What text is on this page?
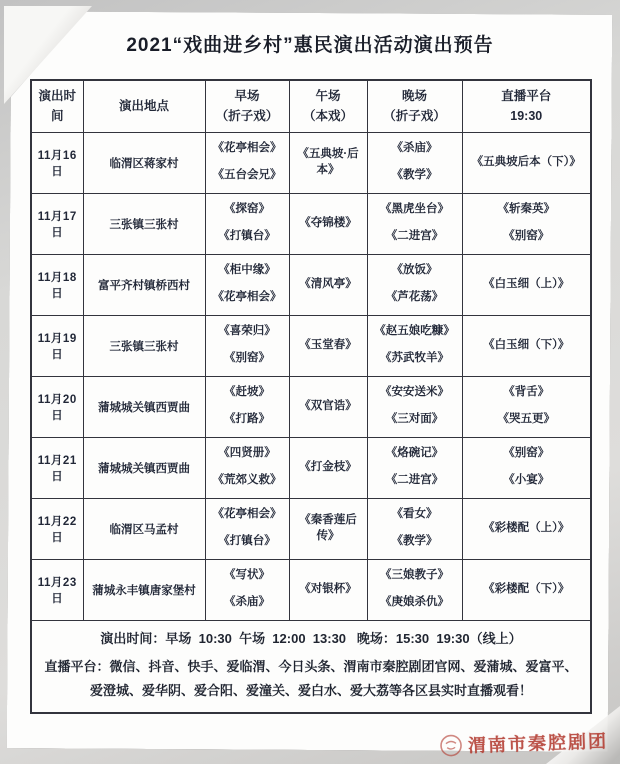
2021“戏曲进乡村”惠民演出活动演出预告
演出时间

演出地点

早场
（折子戏）

午场
（本戏）

晚场
（折子戏）

直播平台
19:30

11月16日	临渭区蒋家村	
《花亭相会》
《五台会兄》

《五典坡·后本》

《杀庙》
《教学》

《五典坡后本（下）》

11月17日	三张镇三张村	
《探窑》
《打镇台》

《夺锦楼》

《黑虎坐台》
《二进宫》

《斩秦英》
《别窑》

11月18日	富平齐村镇桥西村	
《柜中缘》
《花亭相会》

《清风亭》

《放饭》
《芦花荡》

《白玉细（上）》

11月19日	三张镇三张村	
《喜荣归》
《别窑》

《玉堂春》

《赵五娘吃糠》
《苏武牧羊》

《白玉细（下）》

11月20日	蒲城城关镇西贾曲	
《赶坡》
《打路》

《双官诰》

《安安送米》
《三对面》

《背舌》
《哭五更》

11月21日	蒲城城关镇西贾曲	
《四贤册》
《荒郊义救》

《打金枝》

《烙碗记》
《二进宫》

《别窑》
《小宴》

11月22日	临渭区马孟村	
《花亭相会》
《打镇台》

《秦香莲后传》

《看女》
《教学》

《彩楼配（上）》

11月23日	蒲城永丰镇唐家堡村	
《写状》
《杀庙》

《对银杯》

《三娘教子》
《庚娘杀仇》

《彩楼配（下）》

演出时间：早场  10:30  午场  12:00  13:30   晚场：15:30  19:30（线上）
直播平台：微信、抖音、快手、爱临渭、今日头条、渭南市秦腔剧团官网、爱蒲城、爱富平、爱澄城、爱华阴、爱合阳、爱潼关、爱白水、爱大荔等各区县实时直播观看！					
渭南市秦腔剧团
